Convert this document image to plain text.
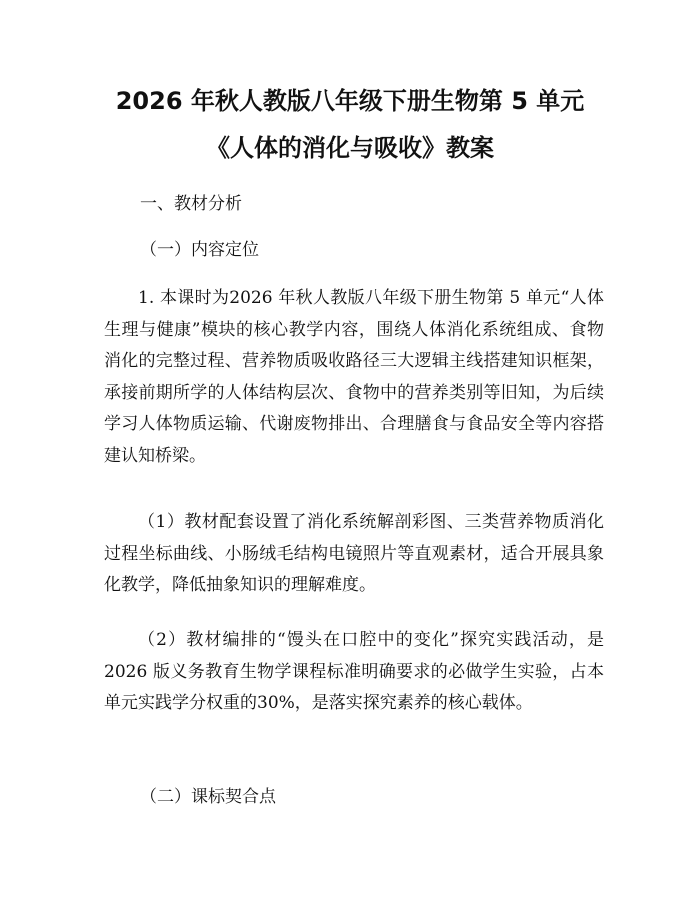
2026 年秋人教版八年级下册生物第 5 单元
《人体的消化与吸收》教案
一、教材分析
（一）内容定位
1. 本课时为2026 年秋人教版八年级下册生物第 5 单元“人体生理与健康”模块的核心教学内容，围绕人体消化系统组成、食物消化的完整过程、营养物质吸收路径三大逻辑主线搭建知识框架，承接前期所学的人体结构层次、食物中的营养类别等旧知，为后续学习人体物质运输、代谢废物排出、合理膳食与食品安全等内容搭建认知桥梁。
（1）教材配套设置了消化系统解剖彩图、三类营养物质消化过程坐标曲线、小肠绒毛结构电镜照片等直观素材，适合开展具象化教学，降低抽象知识的理解难度。
（2）教材编排的“馒头在口腔中的变化”探究实践活动，是2026 版义务教育生物学课程标准明确要求的必做学生实验，占本单元实践学分权重的30%，是落实探究素养的核心载体。
（二）课标契合点
